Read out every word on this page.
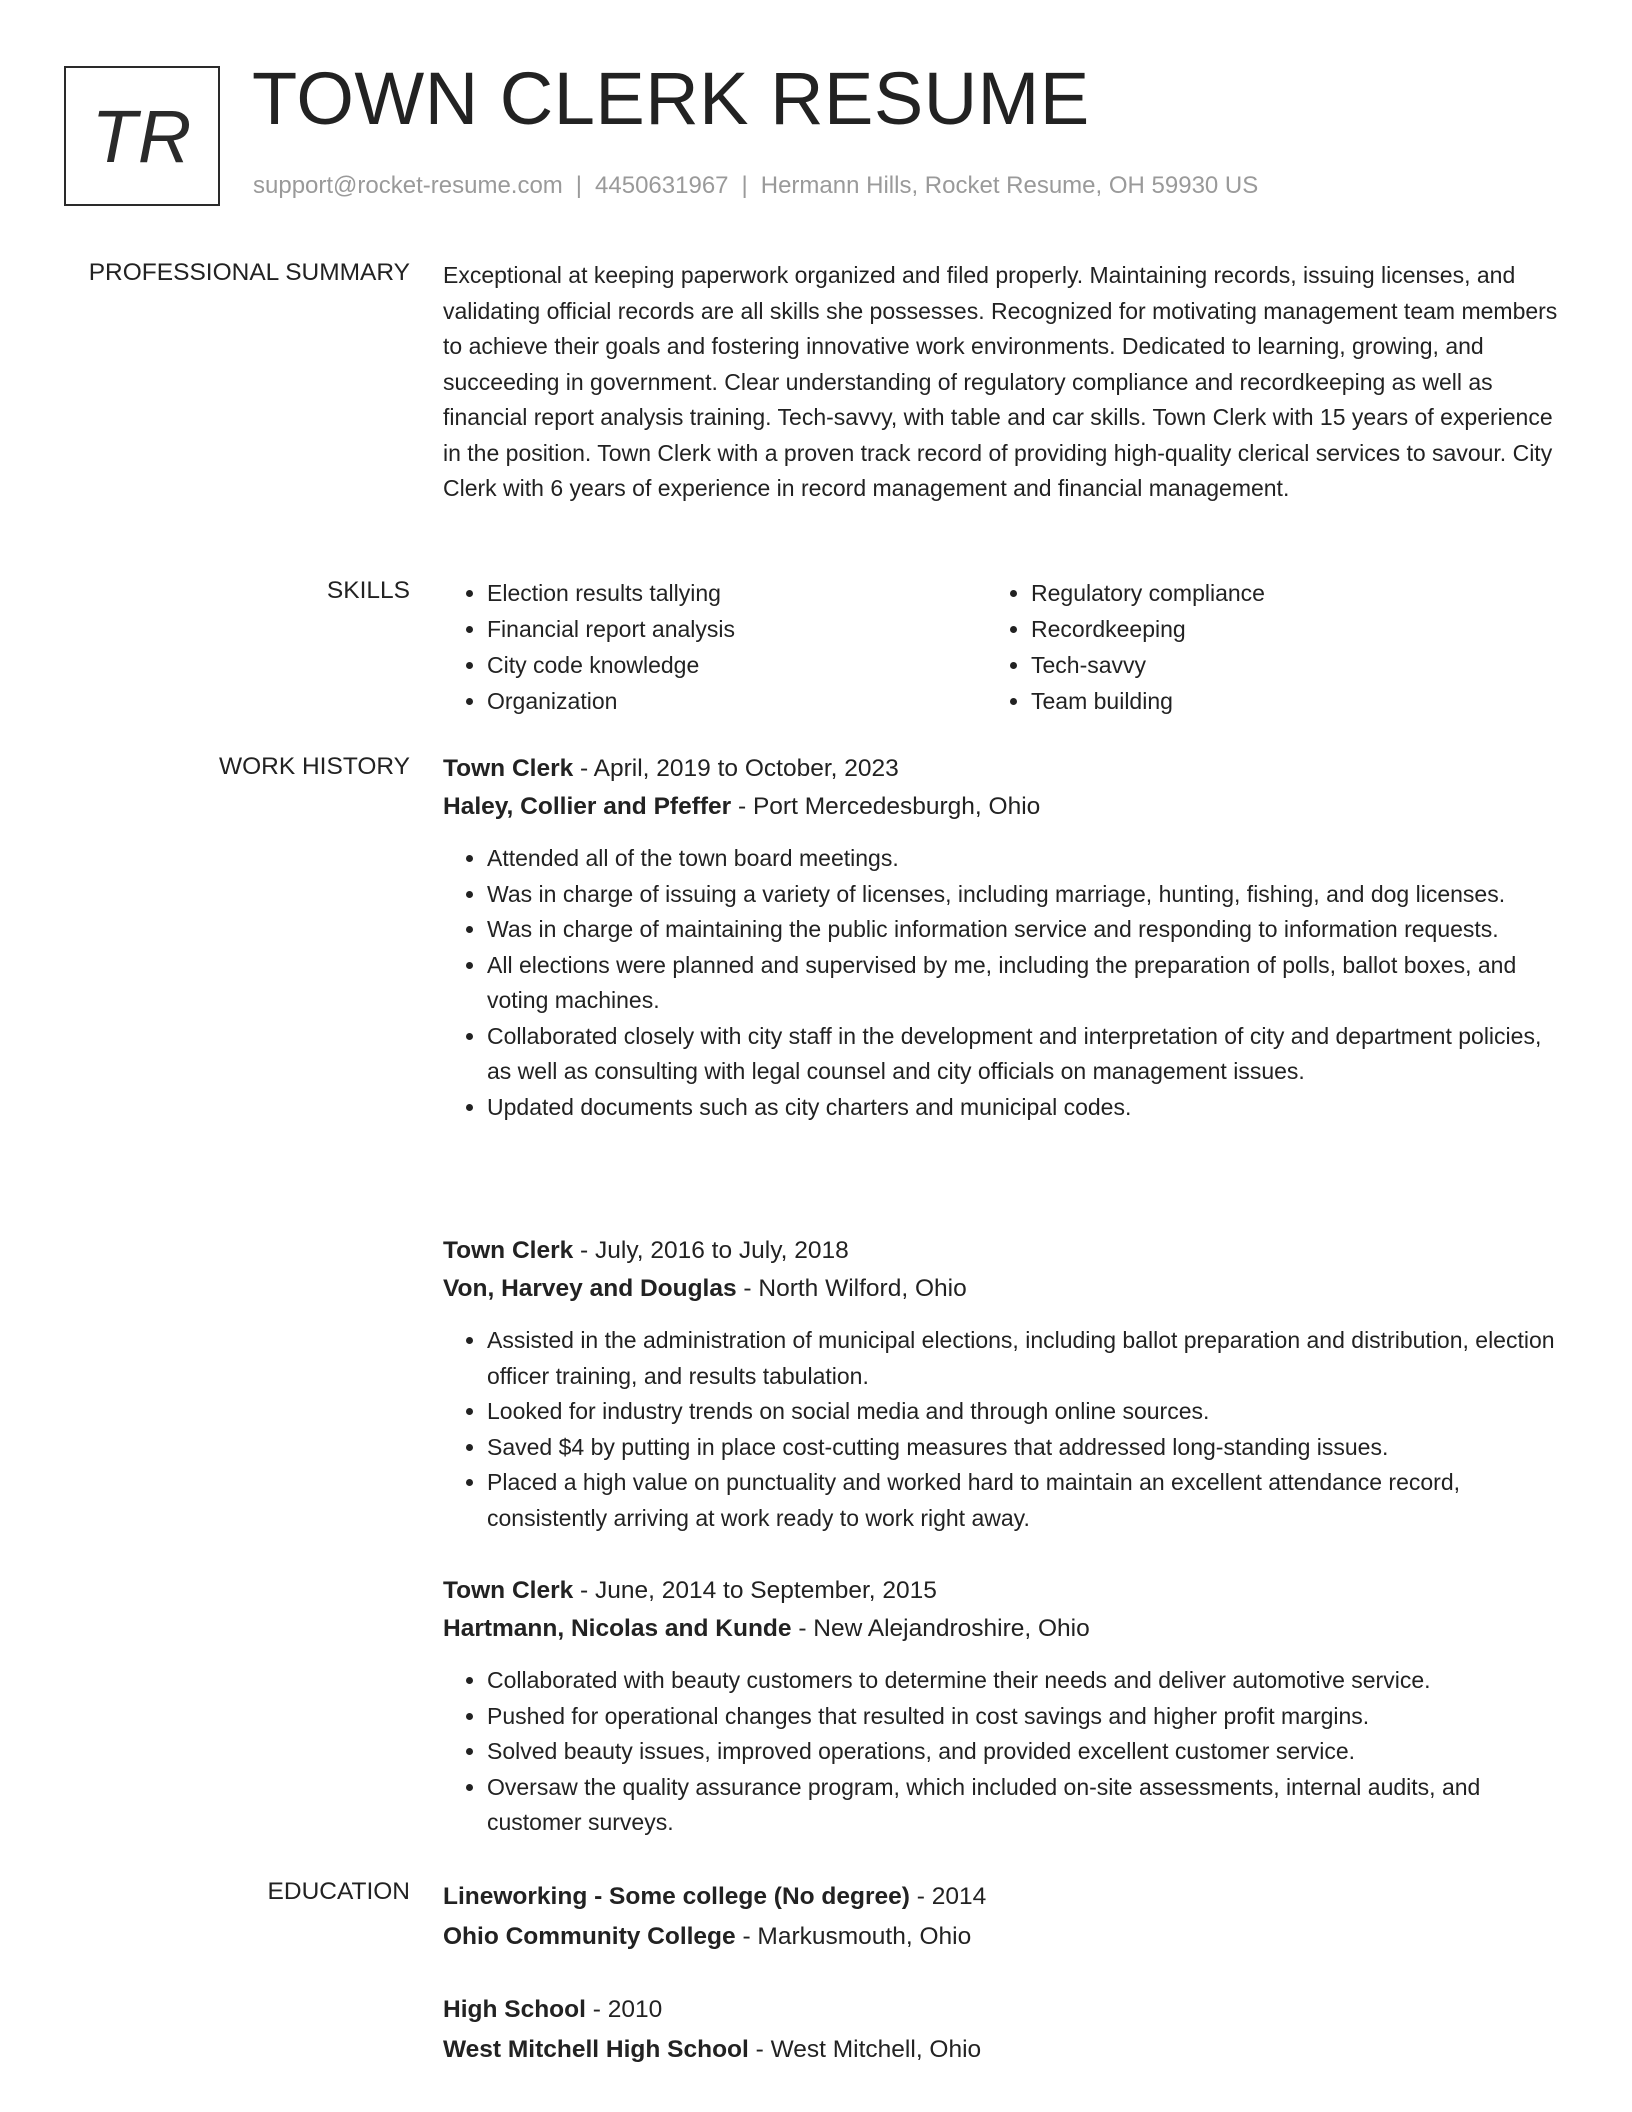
TR TOWN CLERK RESUME
support@rocket-resume.com | 4450631967 | Hermann Hills, Rocket Resume, OH 59930 US
PROFESSIONAL SUMMARY Exceptional at keeping paperwork organized and filed properly. Maintaining records, issuing licenses, and validating official records are all skills she possesses. Recognized for motivating management team members to achieve their goals and fostering innovative work environments. Dedicated to learning, growing, and succeeding in government. Clear understanding of regulatory compliance and recordkeeping as well as financial report analysis training. Tech-savvy, with table and car skills. Town Clerk with 15 years of experience in the position. Town Clerk with a proven track record of providing high-quality clerical services to savour. City Clerk with 6 years of experience in record management and financial management.

SKILLS
•	Election results tallying
• Financial report analysis
• City code knowledge
• Organization
• Regulatory compliance
• Recordkeeping
• Tech-savvy
• Team building
WORK HISTORY Town Clerk - April, 2019 to October, 2023
Haley, Collier and Pfeffer - Port Mercedesburgh, Ohio
• Attended all of the town board meetings.
• Was in charge of issuing a variety of licenses, including marriage, hunting, fishing, and dog licenses.
• Was in charge of maintaining the public information service and responding to information requests.
• All elections were planned and supervised by me, including the preparation of polls, ballot boxes, and voting machines.
• Collaborated closely with city staff in the development and interpretation of city and department policies, as well as consulting with legal counsel and city officials on management issues.
• Updated documents such as city charters and municipal codes.
Town Clerk - July, 2016 to July, 2018
Von, Harvey and Douglas - North Wilford, Ohio
• Assisted in the administration of municipal elections, including ballot preparation and distribution, election officer training, and results tabulation.
• Looked for industry trends on social media and through online sources.
• Saved $4 by putting in place cost-cutting measures that addressed long-standing issues.
• Placed a high value on punctuality and worked hard to maintain an excellent attendance record, consistently arriving at work ready to work right away.
Town Clerk - June, 2014 to September, 2015
Hartmann, Nicolas and Kunde - New Alejandroshire, Ohio
• Collaborated with beauty customers to determine their needs and deliver automotive service.
• Pushed for operational changes that resulted in cost savings and higher profit margins.
• Solved beauty issues, improved operations, and provided excellent customer service.
• Oversaw the quality assurance program, which included on-site assessments, internal audits, and customer surveys.
EDUCATION Lineworking - Some college (No degree) - 2014
Ohio Community College - Markusmouth, Ohio
High School - 2010
West Mitchell High School - West Mitchell, Ohio
